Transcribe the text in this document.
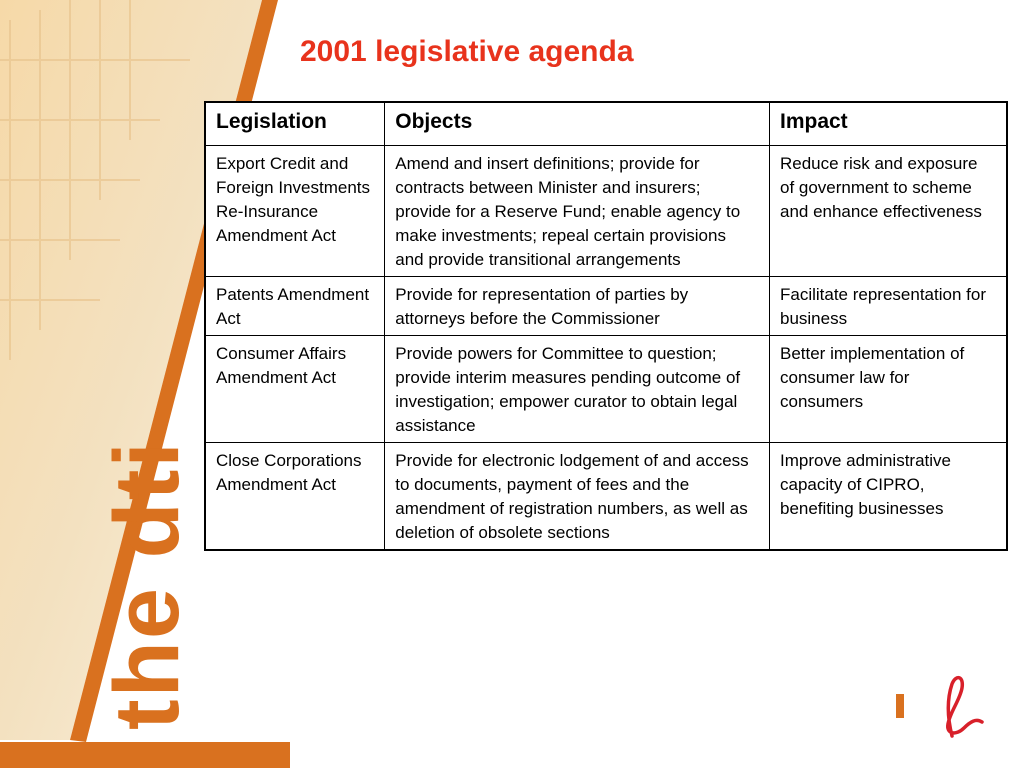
the dti
2001 legislative agenda
Legislation	Objects	Impact
Export Credit and Foreign Investments Re-Insurance Amendment Act	Amend and insert definitions; provide for contracts between Minister and insurers; provide for a Reserve Fund; enable agency to make investments; repeal certain provisions and provide transitional arrangements	Reduce risk and exposure of government to scheme and enhance effectiveness
Patents Amendment Act	Provide for representation of parties by attorneys before the Commissioner	Facilitate representation for business
Consumer Affairs Amendment Act	Provide powers for Committee to question; provide interim measures pending outcome of investigation; empower curator to obtain legal assistance	Better implementation of consumer law for consumers
Close Corporations Amendment Act	Provide for electronic lodgement of and access to documents, payment of fees and the amendment of registration numbers, as well as deletion of obsolete sections	Improve administrative capacity of CIPRO, benefiting businesses
